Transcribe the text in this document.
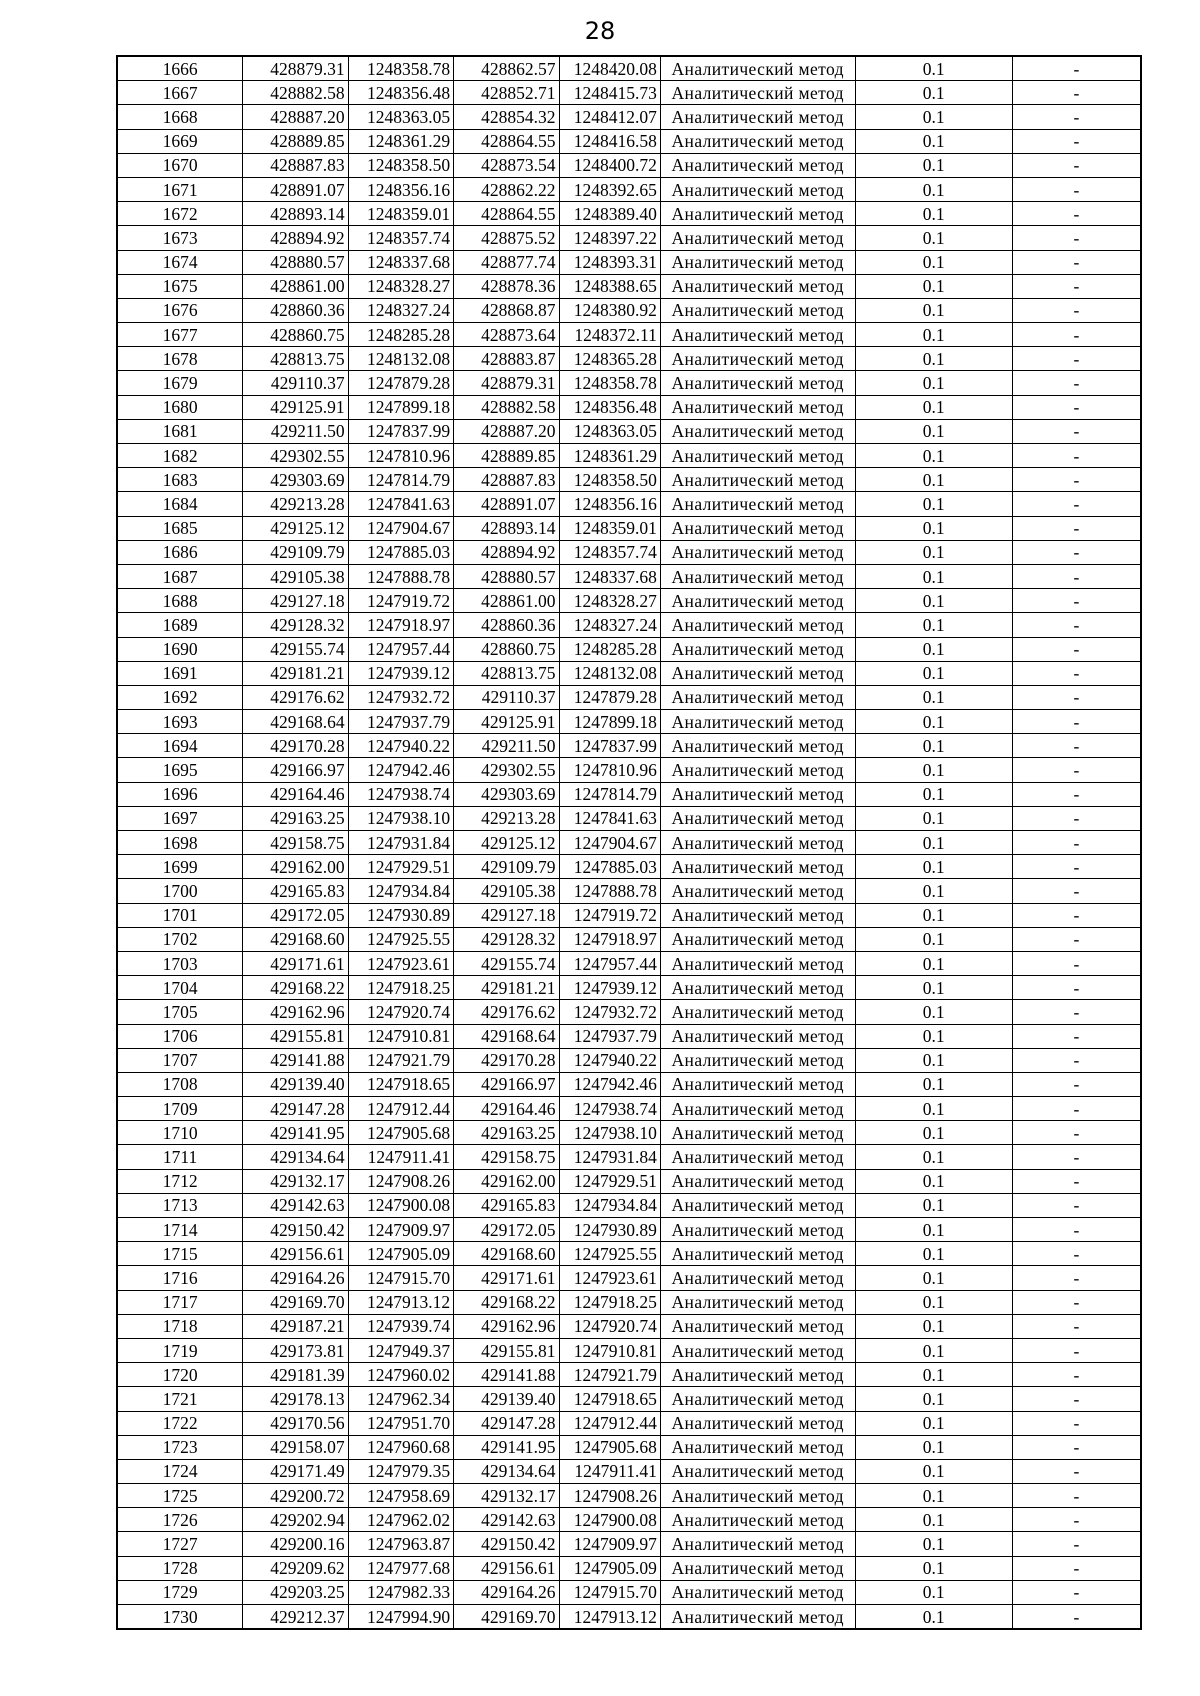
28
1666	428879.31	1248358.78	428862.57	1248420.08	Аналитический метод	0.1	-
1667	428882.58	1248356.48	428852.71	1248415.73	Аналитический метод	0.1	-
1668	428887.20	1248363.05	428854.32	1248412.07	Аналитический метод	0.1	-
1669	428889.85	1248361.29	428864.55	1248416.58	Аналитический метод	0.1	-
1670	428887.83	1248358.50	428873.54	1248400.72	Аналитический метод	0.1	-
1671	428891.07	1248356.16	428862.22	1248392.65	Аналитический метод	0.1	-
1672	428893.14	1248359.01	428864.55	1248389.40	Аналитический метод	0.1	-
1673	428894.92	1248357.74	428875.52	1248397.22	Аналитический метод	0.1	-
1674	428880.57	1248337.68	428877.74	1248393.31	Аналитический метод	0.1	-
1675	428861.00	1248328.27	428878.36	1248388.65	Аналитический метод	0.1	-
1676	428860.36	1248327.24	428868.87	1248380.92	Аналитический метод	0.1	-
1677	428860.75	1248285.28	428873.64	1248372.11	Аналитический метод	0.1	-
1678	428813.75	1248132.08	428883.87	1248365.28	Аналитический метод	0.1	-
1679	429110.37	1247879.28	428879.31	1248358.78	Аналитический метод	0.1	-
1680	429125.91	1247899.18	428882.58	1248356.48	Аналитический метод	0.1	-
1681	429211.50	1247837.99	428887.20	1248363.05	Аналитический метод	0.1	-
1682	429302.55	1247810.96	428889.85	1248361.29	Аналитический метод	0.1	-
1683	429303.69	1247814.79	428887.83	1248358.50	Аналитический метод	0.1	-
1684	429213.28	1247841.63	428891.07	1248356.16	Аналитический метод	0.1	-
1685	429125.12	1247904.67	428893.14	1248359.01	Аналитический метод	0.1	-
1686	429109.79	1247885.03	428894.92	1248357.74	Аналитический метод	0.1	-
1687	429105.38	1247888.78	428880.57	1248337.68	Аналитический метод	0.1	-
1688	429127.18	1247919.72	428861.00	1248328.27	Аналитический метод	0.1	-
1689	429128.32	1247918.97	428860.36	1248327.24	Аналитический метод	0.1	-
1690	429155.74	1247957.44	428860.75	1248285.28	Аналитический метод	0.1	-
1691	429181.21	1247939.12	428813.75	1248132.08	Аналитический метод	0.1	-
1692	429176.62	1247932.72	429110.37	1247879.28	Аналитический метод	0.1	-
1693	429168.64	1247937.79	429125.91	1247899.18	Аналитический метод	0.1	-
1694	429170.28	1247940.22	429211.50	1247837.99	Аналитический метод	0.1	-
1695	429166.97	1247942.46	429302.55	1247810.96	Аналитический метод	0.1	-
1696	429164.46	1247938.74	429303.69	1247814.79	Аналитический метод	0.1	-
1697	429163.25	1247938.10	429213.28	1247841.63	Аналитический метод	0.1	-
1698	429158.75	1247931.84	429125.12	1247904.67	Аналитический метод	0.1	-
1699	429162.00	1247929.51	429109.79	1247885.03	Аналитический метод	0.1	-
1700	429165.83	1247934.84	429105.38	1247888.78	Аналитический метод	0.1	-
1701	429172.05	1247930.89	429127.18	1247919.72	Аналитический метод	0.1	-
1702	429168.60	1247925.55	429128.32	1247918.97	Аналитический метод	0.1	-
1703	429171.61	1247923.61	429155.74	1247957.44	Аналитический метод	0.1	-
1704	429168.22	1247918.25	429181.21	1247939.12	Аналитический метод	0.1	-
1705	429162.96	1247920.74	429176.62	1247932.72	Аналитический метод	0.1	-
1706	429155.81	1247910.81	429168.64	1247937.79	Аналитический метод	0.1	-
1707	429141.88	1247921.79	429170.28	1247940.22	Аналитический метод	0.1	-
1708	429139.40	1247918.65	429166.97	1247942.46	Аналитический метод	0.1	-
1709	429147.28	1247912.44	429164.46	1247938.74	Аналитический метод	0.1	-
1710	429141.95	1247905.68	429163.25	1247938.10	Аналитический метод	0.1	-
1711	429134.64	1247911.41	429158.75	1247931.84	Аналитический метод	0.1	-
1712	429132.17	1247908.26	429162.00	1247929.51	Аналитический метод	0.1	-
1713	429142.63	1247900.08	429165.83	1247934.84	Аналитический метод	0.1	-
1714	429150.42	1247909.97	429172.05	1247930.89	Аналитический метод	0.1	-
1715	429156.61	1247905.09	429168.60	1247925.55	Аналитический метод	0.1	-
1716	429164.26	1247915.70	429171.61	1247923.61	Аналитический метод	0.1	-
1717	429169.70	1247913.12	429168.22	1247918.25	Аналитический метод	0.1	-
1718	429187.21	1247939.74	429162.96	1247920.74	Аналитический метод	0.1	-
1719	429173.81	1247949.37	429155.81	1247910.81	Аналитический метод	0.1	-
1720	429181.39	1247960.02	429141.88	1247921.79	Аналитический метод	0.1	-
1721	429178.13	1247962.34	429139.40	1247918.65	Аналитический метод	0.1	-
1722	429170.56	1247951.70	429147.28	1247912.44	Аналитический метод	0.1	-
1723	429158.07	1247960.68	429141.95	1247905.68	Аналитический метод	0.1	-
1724	429171.49	1247979.35	429134.64	1247911.41	Аналитический метод	0.1	-
1725	429200.72	1247958.69	429132.17	1247908.26	Аналитический метод	0.1	-
1726	429202.94	1247962.02	429142.63	1247900.08	Аналитический метод	0.1	-
1727	429200.16	1247963.87	429150.42	1247909.97	Аналитический метод	0.1	-
1728	429209.62	1247977.68	429156.61	1247905.09	Аналитический метод	0.1	-
1729	429203.25	1247982.33	429164.26	1247915.70	Аналитический метод	0.1	-
1730	429212.37	1247994.90	429169.70	1247913.12	Аналитический метод	0.1	-
